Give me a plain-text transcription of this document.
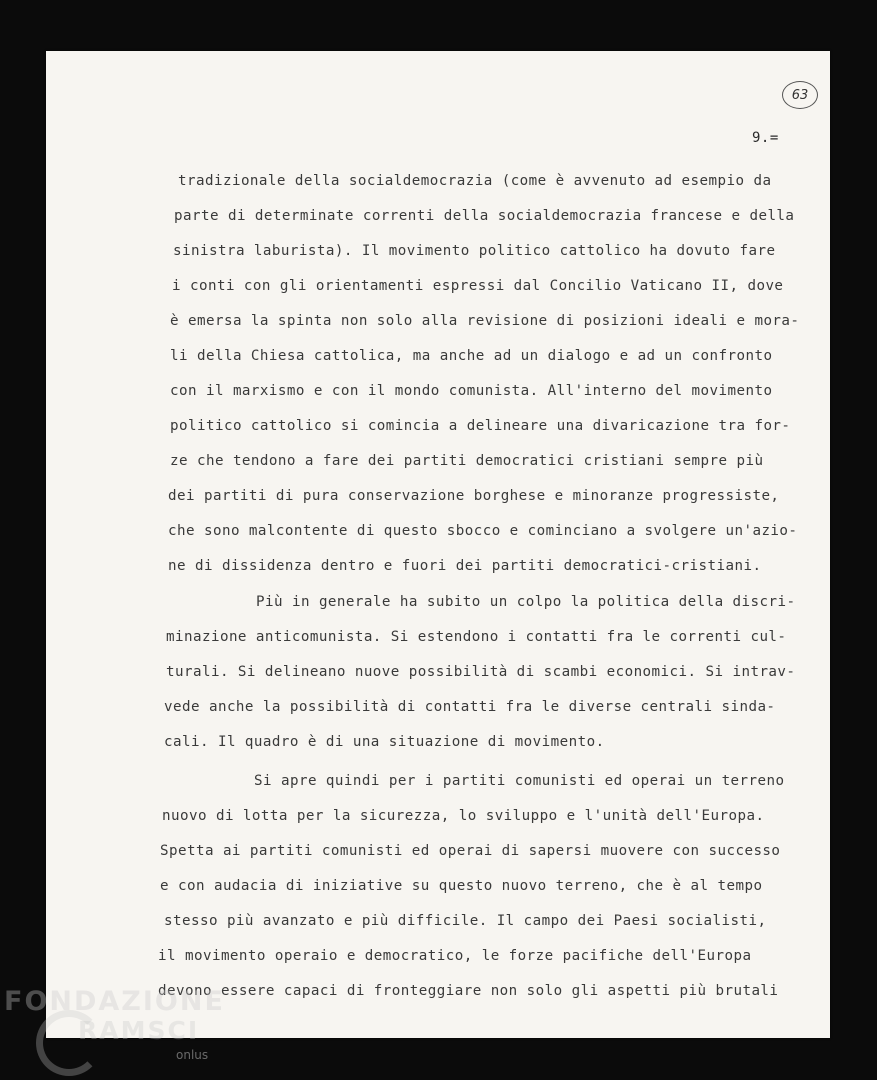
63
9.=
tradizionale della socialdemocrazia (come è avvenuto ad esempio da
parte di determinate correnti della socialdemocrazia francese e della
sinistra laburista). Il movimento politico cattolico ha dovuto fare
i conti con gli orientamenti espressi dal Concilio Vaticano II, dove
è emersa la spinta non solo alla revisione di posizioni ideali e mora-
li della Chiesa cattolica, ma anche ad un dialogo e ad un confronto
con il marxismo e con il mondo comunista. All'interno del movimento
politico cattolico si comincia a delineare una divaricazione tra for-
ze che tendono a fare dei partiti democratici cristiani sempre più
dei partiti di pura conservazione borghese e minoranze progressiste,
che sono malcontente di questo sbocco e cominciano a svolgere un'azio-
ne di dissidenza dentro e fuori dei partiti democratici-cristiani.
Più in generale ha subito un colpo la politica della discri-
minazione anticomunista. Si estendono i contatti fra le correnti cul-
turali. Si delineano nuove possibilità di scambi economici. Si intrav-
vede anche la possibilità di contatti fra le diverse centrali sinda-
cali. Il quadro è di una situazione di movimento.
Si apre quindi per i partiti comunisti ed operai un terreno
nuovo di lotta per la sicurezza, lo sviluppo e l'unità dell'Europa.
Spetta ai partiti comunisti ed operai di sapersi muovere con successo
e con audacia di iniziative su questo nuovo terreno, che è al tempo
stesso più avanzato e più difficile. Il campo dei Paesi socialisti,
il movimento operaio e democratico, le forze pacifiche dell'Europa
devono essere capaci di fronteggiare non solo gli aspetti più brutali
FONDAZIONE
RAMSCI
onlus
